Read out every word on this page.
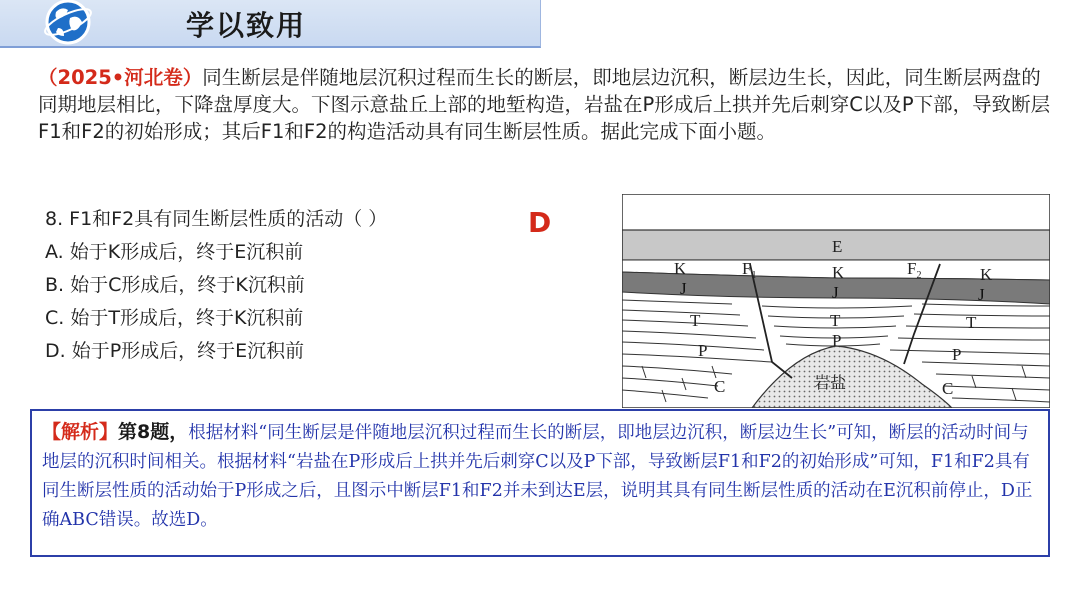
学以致用
（2025•河北卷）同生断层是伴随地层沉积过程而生长的断层，即地层边沉积，断层边生长，因此，同生断层两盘的同期地层相比，下降盘厚度大。下图示意盐丘上部的地堑构造，岩盐在P形成后上拱并先后刺穿C以及P下部，导致断层F1和F2的初始形成；其后F1和F2的构造活动具有同生断层性质。据此完成下面小题。
8. F1和F2具有同生断层性质的活动（ ）
A. 始于K形成后，终于E沉积前
B. 始于C形成后，终于K沉积前
C. 始于T形成后，终于K沉积前
D. 始于P形成后，终于E沉积前
D
E
K	K	K
J	J	J
T	T	T
P
P
P
C	C
$F_1$	$F_2$
岩盐
【解析】第8题，根据材料“同生断层是伴随地层沉积过程而生长的断层，即地层边沉积，断层边生长”可知，断层的活动时间与地层的沉积时间相关。根据材料“岩盐在P形成后上拱并先后刺穿C以及P下部，导致断层F1和F2的初始形成”可知，F1和F2具有同生断层性质的活动始于P形成之后，且图示中断层F1和F2并未到达E层，说明其具有同生断层性质的活动在E沉积前停止，D正确ABC错误。故选D。
